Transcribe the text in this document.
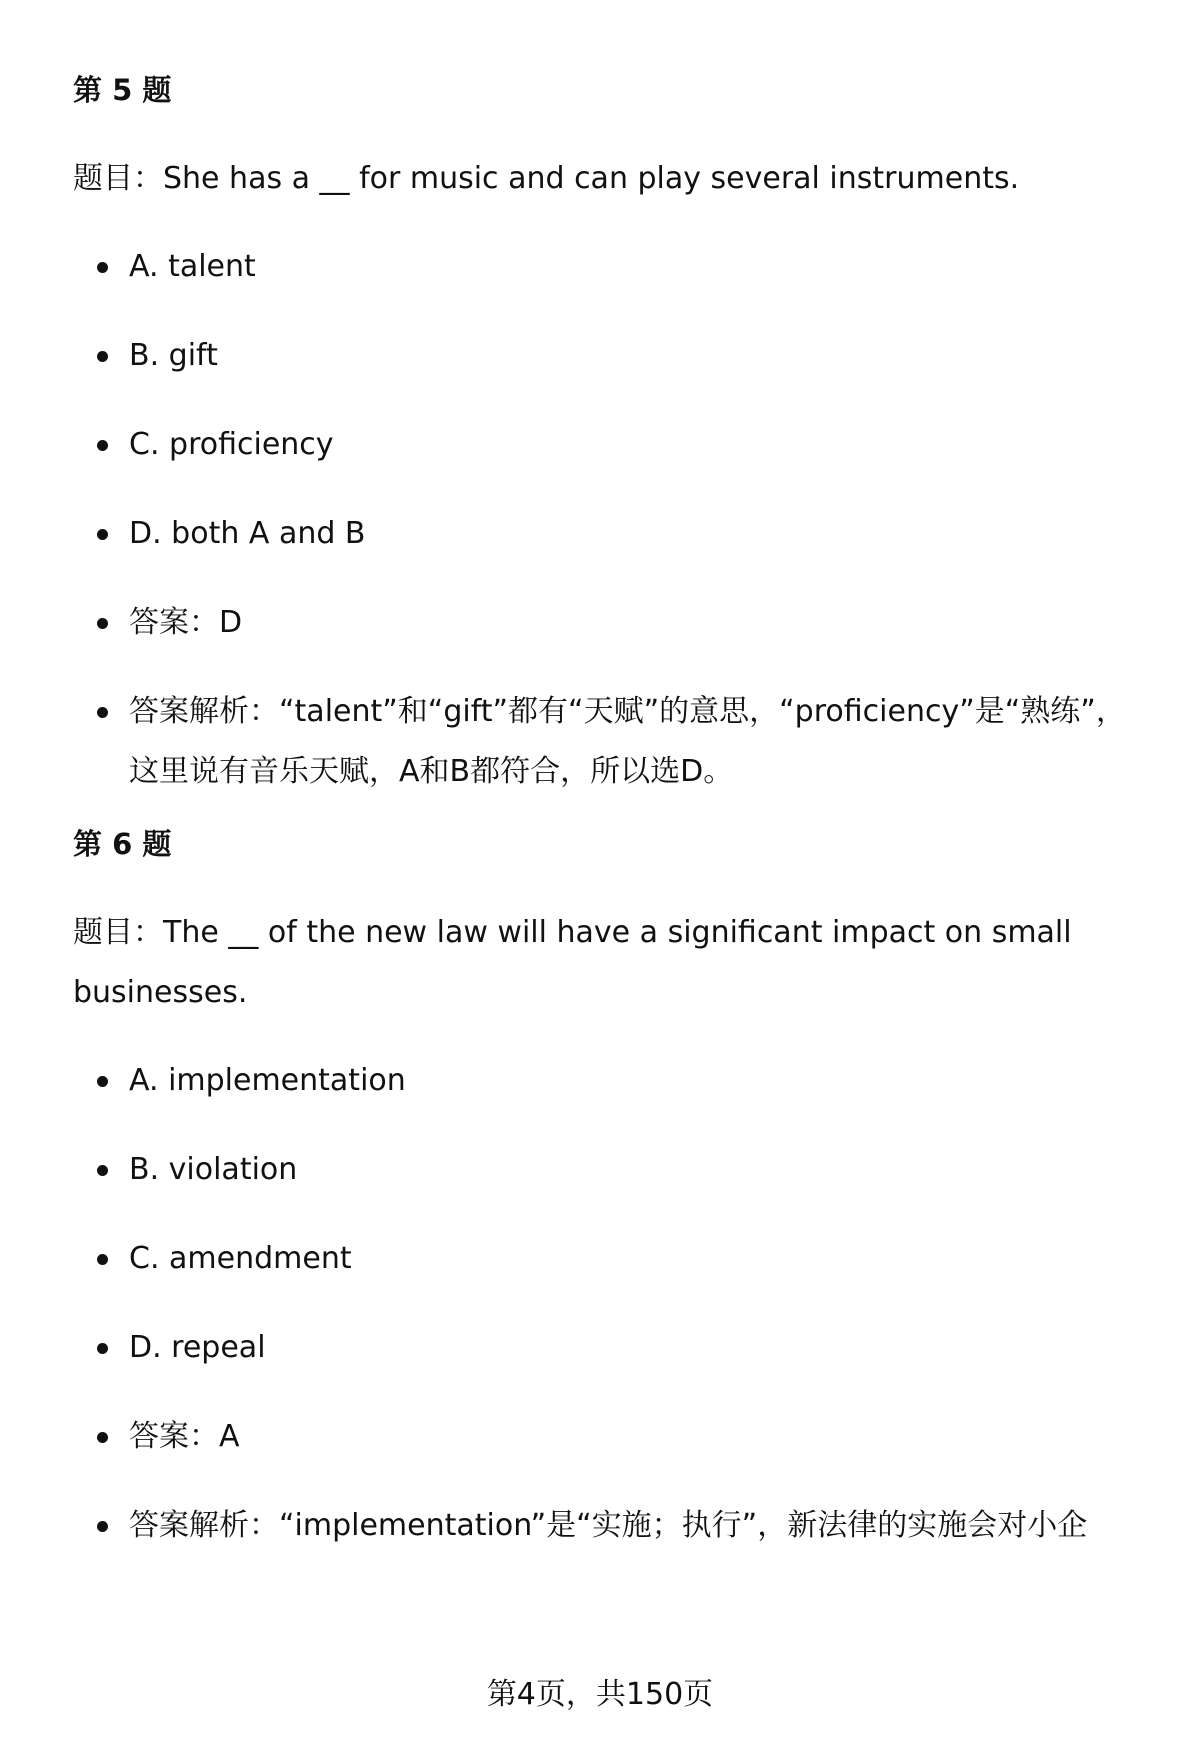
第 5 题
题目：She has a __ for music and can play several instruments.
A. talent
B. gift
C. proficiency
D. both A and B
答案：D
答案解析：“talent”和“gift”都有“天赋”的意思，“proficiency”是“熟练”，这里说有音乐天赋，A和B都符合，所以选D。
第 6 题
题目：The __ of the new law will have a significant impact on small businesses.
A. implementation
B. violation
C. amendment
D. repeal
答案：A
答案解析：“implementation”是“实施；执行”，新法律的实施会对小企
第4页，共150页
